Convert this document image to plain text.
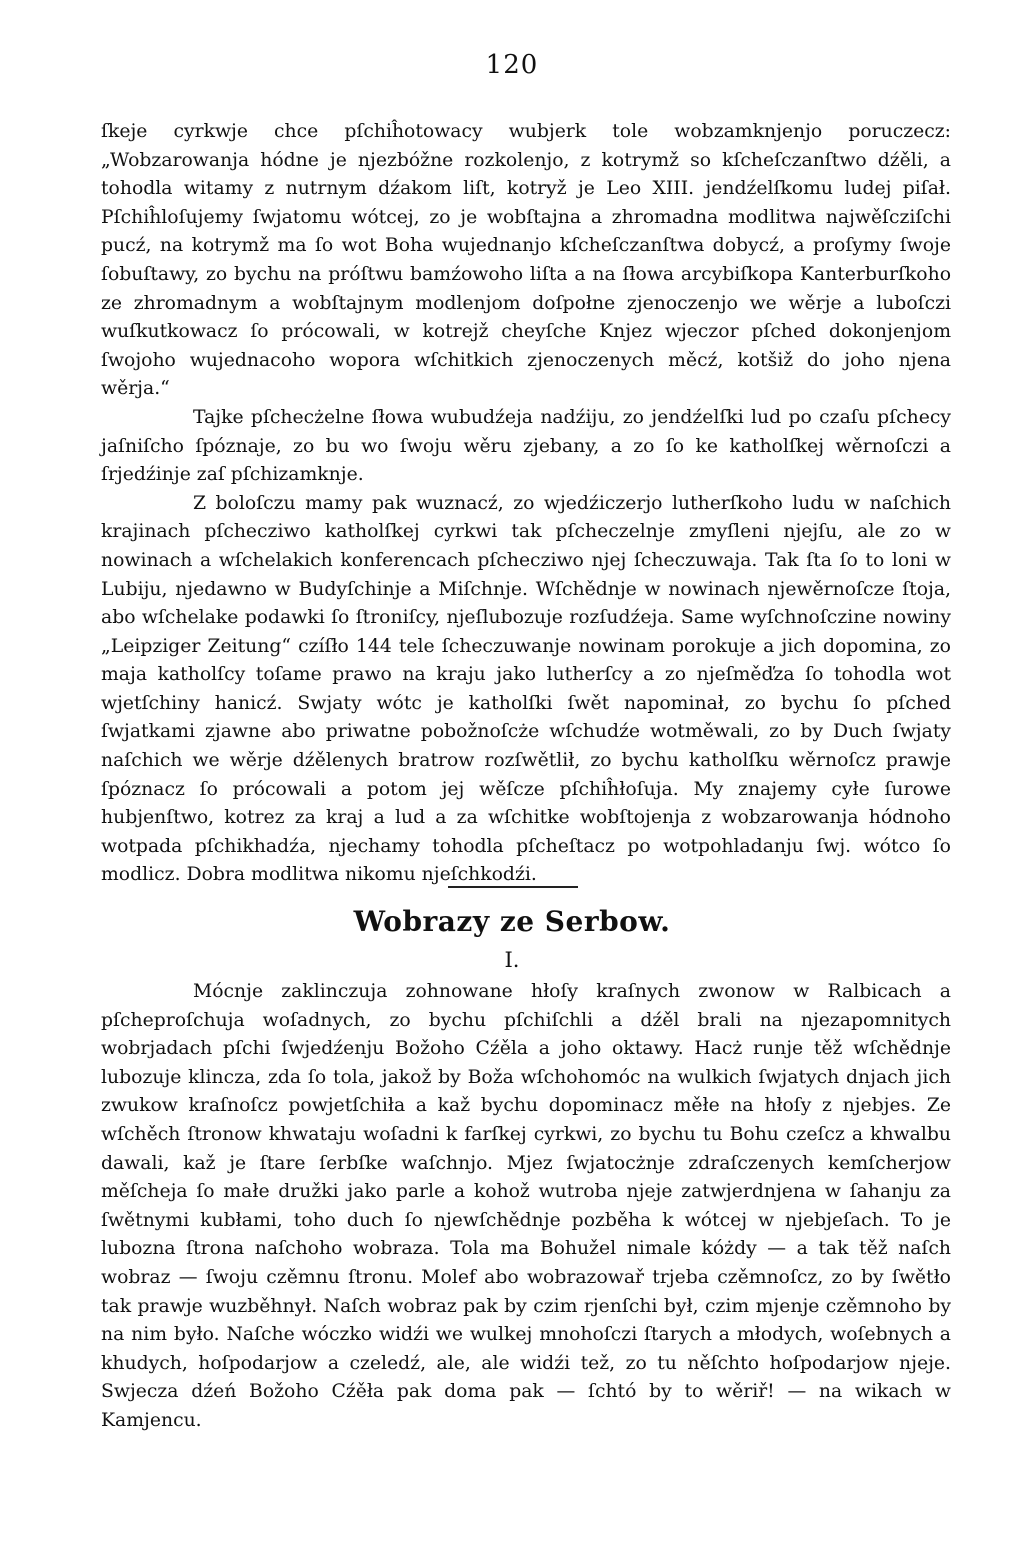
120

ſkeje cyrkwje chce pſchiĥotowacy wubjerk tole wobzamknjenjo poruczecz: „Wobzarowanja hódne je njezbóžne rozkolenjo, z kotrymž so kſcheſczanſtwo dźěli, a tohodla witamy z nutrnym dźakom liſt, kotryž je Leo XIII. jendźelſkomu ludej piſał. Pſchiĥloſujemy ſwjatomu wótcej, zo je wobſtajna a zhromadna modlitwa najwěſcziſchi pucź, na kotrymž ma ſo wot Boha wujednanjo kſcheſczanſtwa dobycź, a proſymy ſwoje ſobuſtawy, zo bychu na próſtwu bamźowoho liſta a na ſłowa arcybiſkopa Kanterburſkoho ze zhromadnym a wobſtajnym modlenjom doſpołne zjenoczenjo we wěrje a luboſczi wuſkutkowacz ſo prócowali, w kotrejž cheyſche Knjez wjeczor pſched dokonjenjom ſwojoho wujednacoho wopora wſchitkich zjenoczenych měcź, kotšiž do joho njena wěrja.“

Tajke pſchecżelne ſłowa wubudźeja nadźiju, zo jendźelſki lud po czaſu pſchecy jaſniſcho ſpóznaje, zo bu wo ſwoju wěru zjebany, a zo ſo ke katholſkej wěrnoſczi a ſrjedźinje zaſ pſchizamknje.

Z boloſczu mamy pak wuznacź, zo wjedźiczerjo lutherſkoho ludu w naſchich krajinach pſchecziwo katholſkej cyrkwi tak pſcheczelnje zmyſleni njejſu, ale zo w nowinach a wſchelakich konferencach pſchecziwo njej ſcheczuwaja. Tak ſta ſo to loni w Lubiju, njedawno w Budyſchinje a Miſchnje. Wſchědnje w nowinach njewěrnoſcze ſtoja, abo wſchelake podawki ſo ſtroniſcy, njeſlubozuje rozſudźeja. Same wyſchnoſczine nowiny „Leipziger Zeitung“ czíſło 144 tele ſcheczuwanje nowinam porokuje a jich dopomina, zo maja katholſcy toſame prawo na kraju jako lutherſcy a zo njeſměďza ſo tohodla wot wjetſchiny hanicź. Swjaty wótc je katholſki ſwět napominał, zo bychu ſo pſched ſwjatkami zjawne abo priwatne pobožnoſcże wſchudźe wotměwali, zo by Duch ſwjaty naſchich we wěrje dźělenych bratrow rozſwětlił, zo bychu katholſku wěrnoſcz prawje ſpóznacz ſo prócowali a potom jej wěſcze pſchiĥłoſuja. My znajemy cyłe ſurowe hubjenſtwo, kotrez za kraj a lud a za wſchitke wobſtojenja z wobzarowanja hódnoho wotpada pſchikhadźa, njechamy tohodla pſcheſtacz po wotpohladanju ſwj. wótco ſo modlicz. Dobra modlitwa nikomu njeſchkodźi.

Wobrazy ze Serbow.
I.

Mócnje zaklinczuja zohnowane hłoſy kraſnych zwonow w Ralbicach a pſcheproſchuja woſadnych, zo bychu pſchiſchli a dźěl brali na njezapomnitych wobrjadach pſchi ſwjedźenju Božoho Cźěla a joho oktawy. Hacż runje těž wſchědnje lubozuje klincza, zda ſo tola, jakož by Boža wſchohomóc na wulkich ſwjatych dnjach jich zwukow kraſnoſcz powjetſchiła a kaž bychu dopominacz měłe na hłoſy z njebjes. Ze wſchěch ſtronow khwataju woſadni k farſkej cyrkwi, zo bychu tu Bohu czeſcz a khwalbu dawali, kaž je ſtare ſerbſke waſchnjo. Mjez ſwjatocżnje zdraſczenych kemſcherjow měſcheja ſo małe družki jako parle a kohož wutroba njeje zatwjerdnjena w ſahanju za ſwětnymi kubłami, toho duch ſo njewſchědnje pozběha k wótcej w njebjeſach. To je lubozna ſtrona naſchoho wobraza. Tola ma Bohužel nimale kóżdy — a tak těž naſch wobraz — ſwoju czěmnu ſtronu. Molef abo wobrazowař trjeba czěmnoſcz, zo by ſwětło tak prawje wuzběhnył. Naſch wobraz pak by czim rjenſchi był, czim mjenje czěmnoho by na nim było. Naſche wóczko widźi we wulkej mnohoſczi ſtarych a młodych, woſebnych a khudych, hoſpodarjow a czeledź, ale, ale widźi tež, zo tu něſchto hoſpodarjow njeje. Swjecza dźeń Božoho Cźěła pak doma pak — ſchtó by to wěriř! — na wikach w Kamjencu.
